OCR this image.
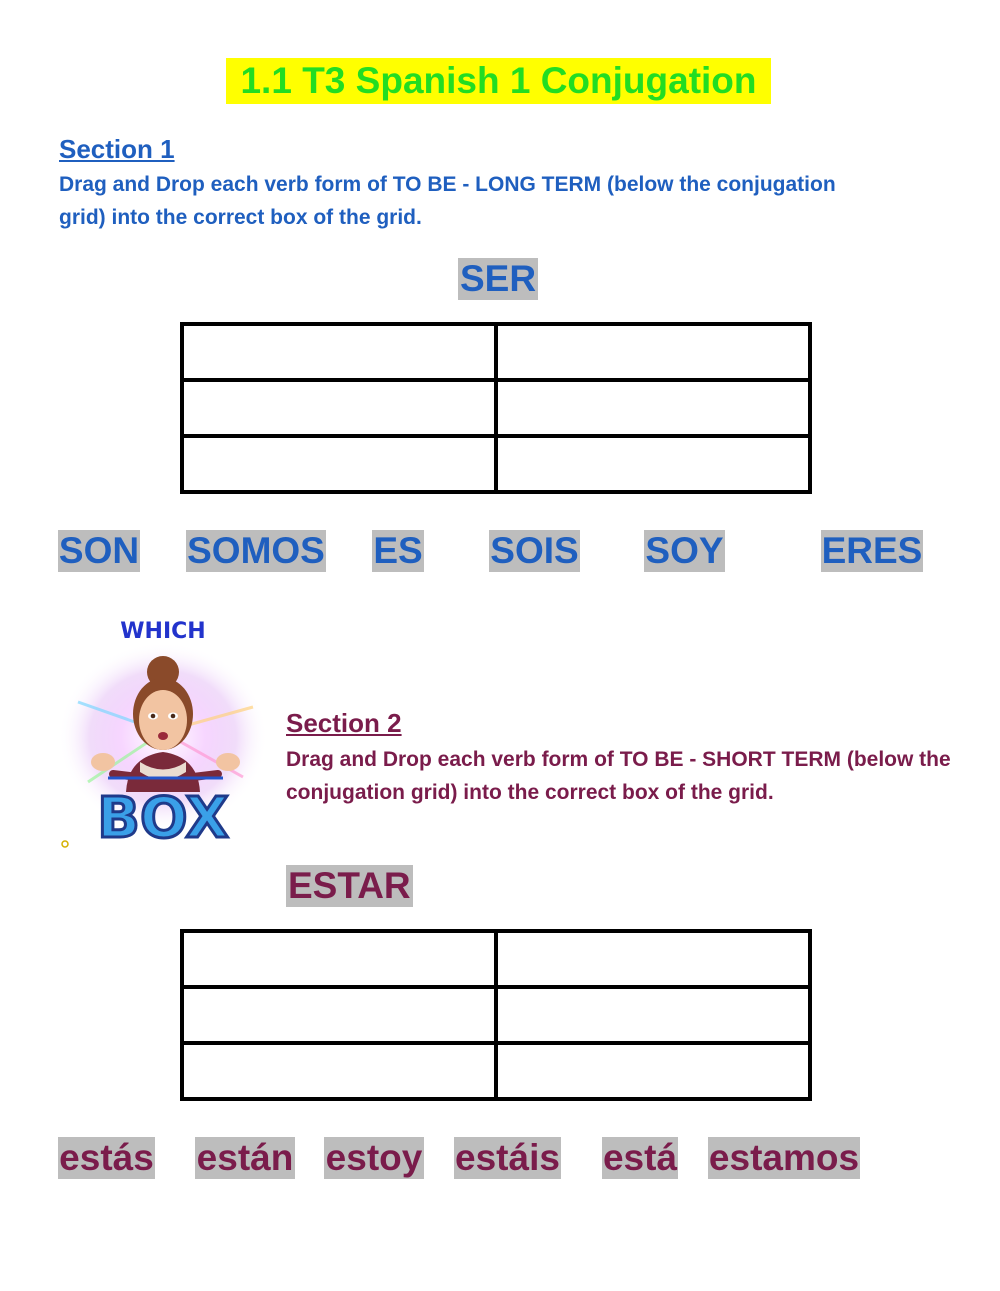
1.1 T3 Spanish 1 Conjugation
Section 1
Drag and Drop each verb form of TO BE - LONG TERM (below the conjugation grid) into the correct box of the grid.
SER

SON SOMOS ES SOIS SOY	ERES
WHICH
BOX
Section 2
Drag and Drop each verb form of TO BE - SHORT TERM (below the conjugation grid) into the correct box of the grid.
ESTAR

estás están estoy estáis está estamos
